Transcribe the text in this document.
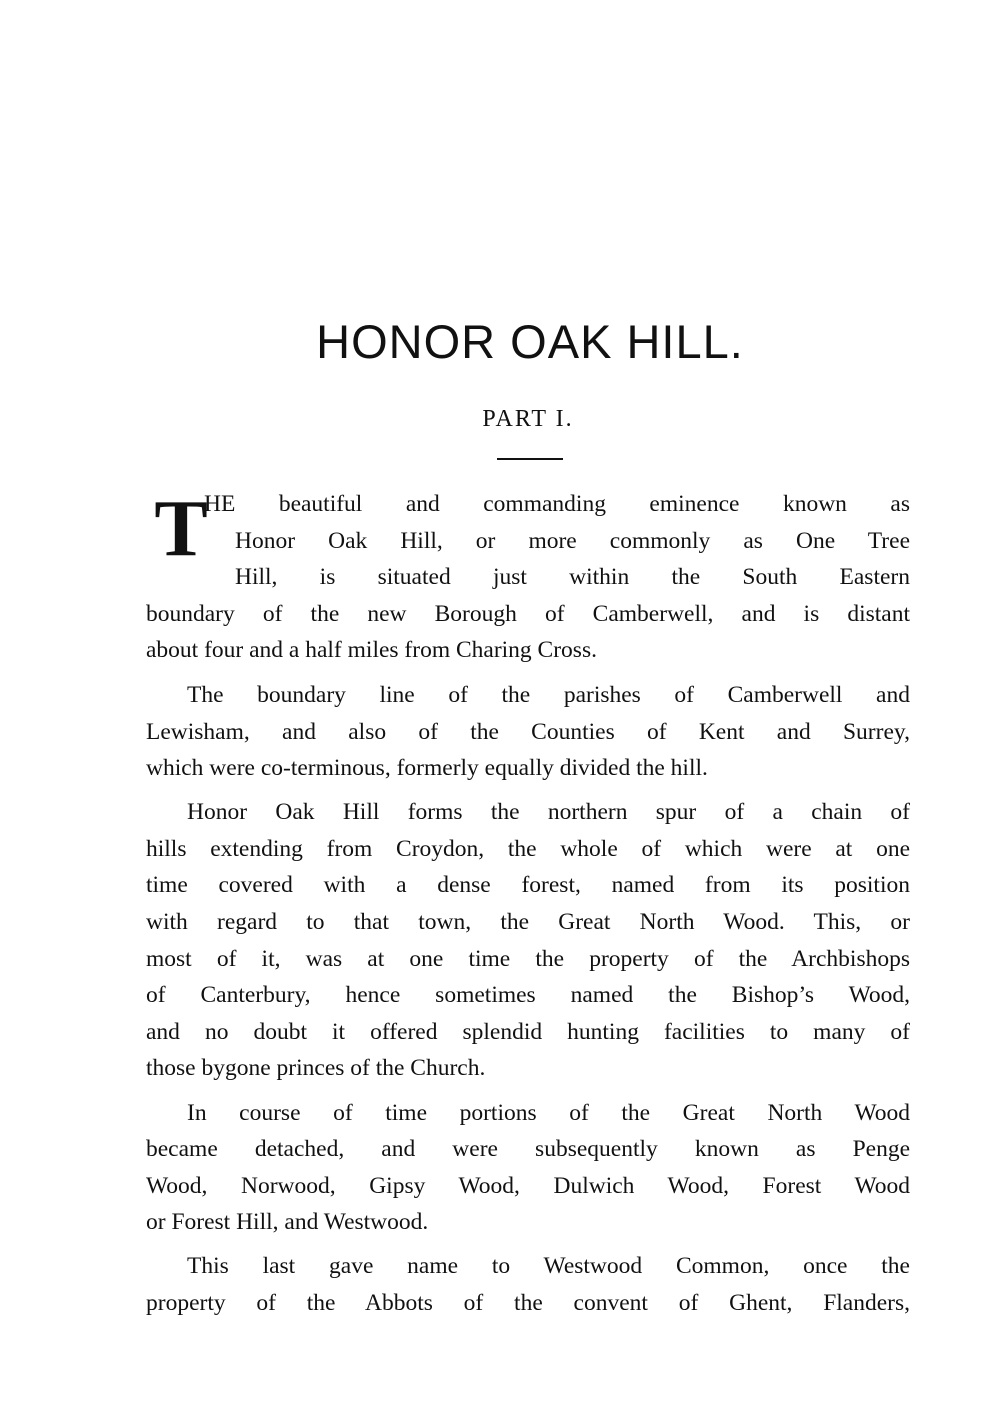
HONOR OAK HILL.
PART I.
T
HE beautiful and commanding eminence known as
Honor Oak Hill, or more commonly as One Tree
Hill, is situated just within the South Eastern
boundary of the new Borough of Camberwell, and is distant
about four and a half miles from Charing Cross.
The boundary line of the parishes of Camberwell and
Lewisham, and also of the Counties of Kent and Surrey,
which were co-terminous, formerly equally divided the hill.
Honor Oak Hill forms the northern spur of a chain of
hills extending from Croydon, the whole of which were at one
time covered with a dense forest, named from its position
with regard to that town, the Great North Wood. This, or
most of it, was at one time the property of the Archbishops
of Canterbury, hence sometimes named the Bishop’s Wood,
and no doubt it offered splendid hunting facilities to many of
those bygone princes of the Church.
In course of time portions of the Great North Wood
became detached, and were subsequently known as Penge
Wood, Norwood, Gipsy Wood, Dulwich Wood, Forest Wood
or Forest Hill, and Westwood.
This last gave name to Westwood Common, once the
property of the Abbots of the convent of Ghent, Flanders,
